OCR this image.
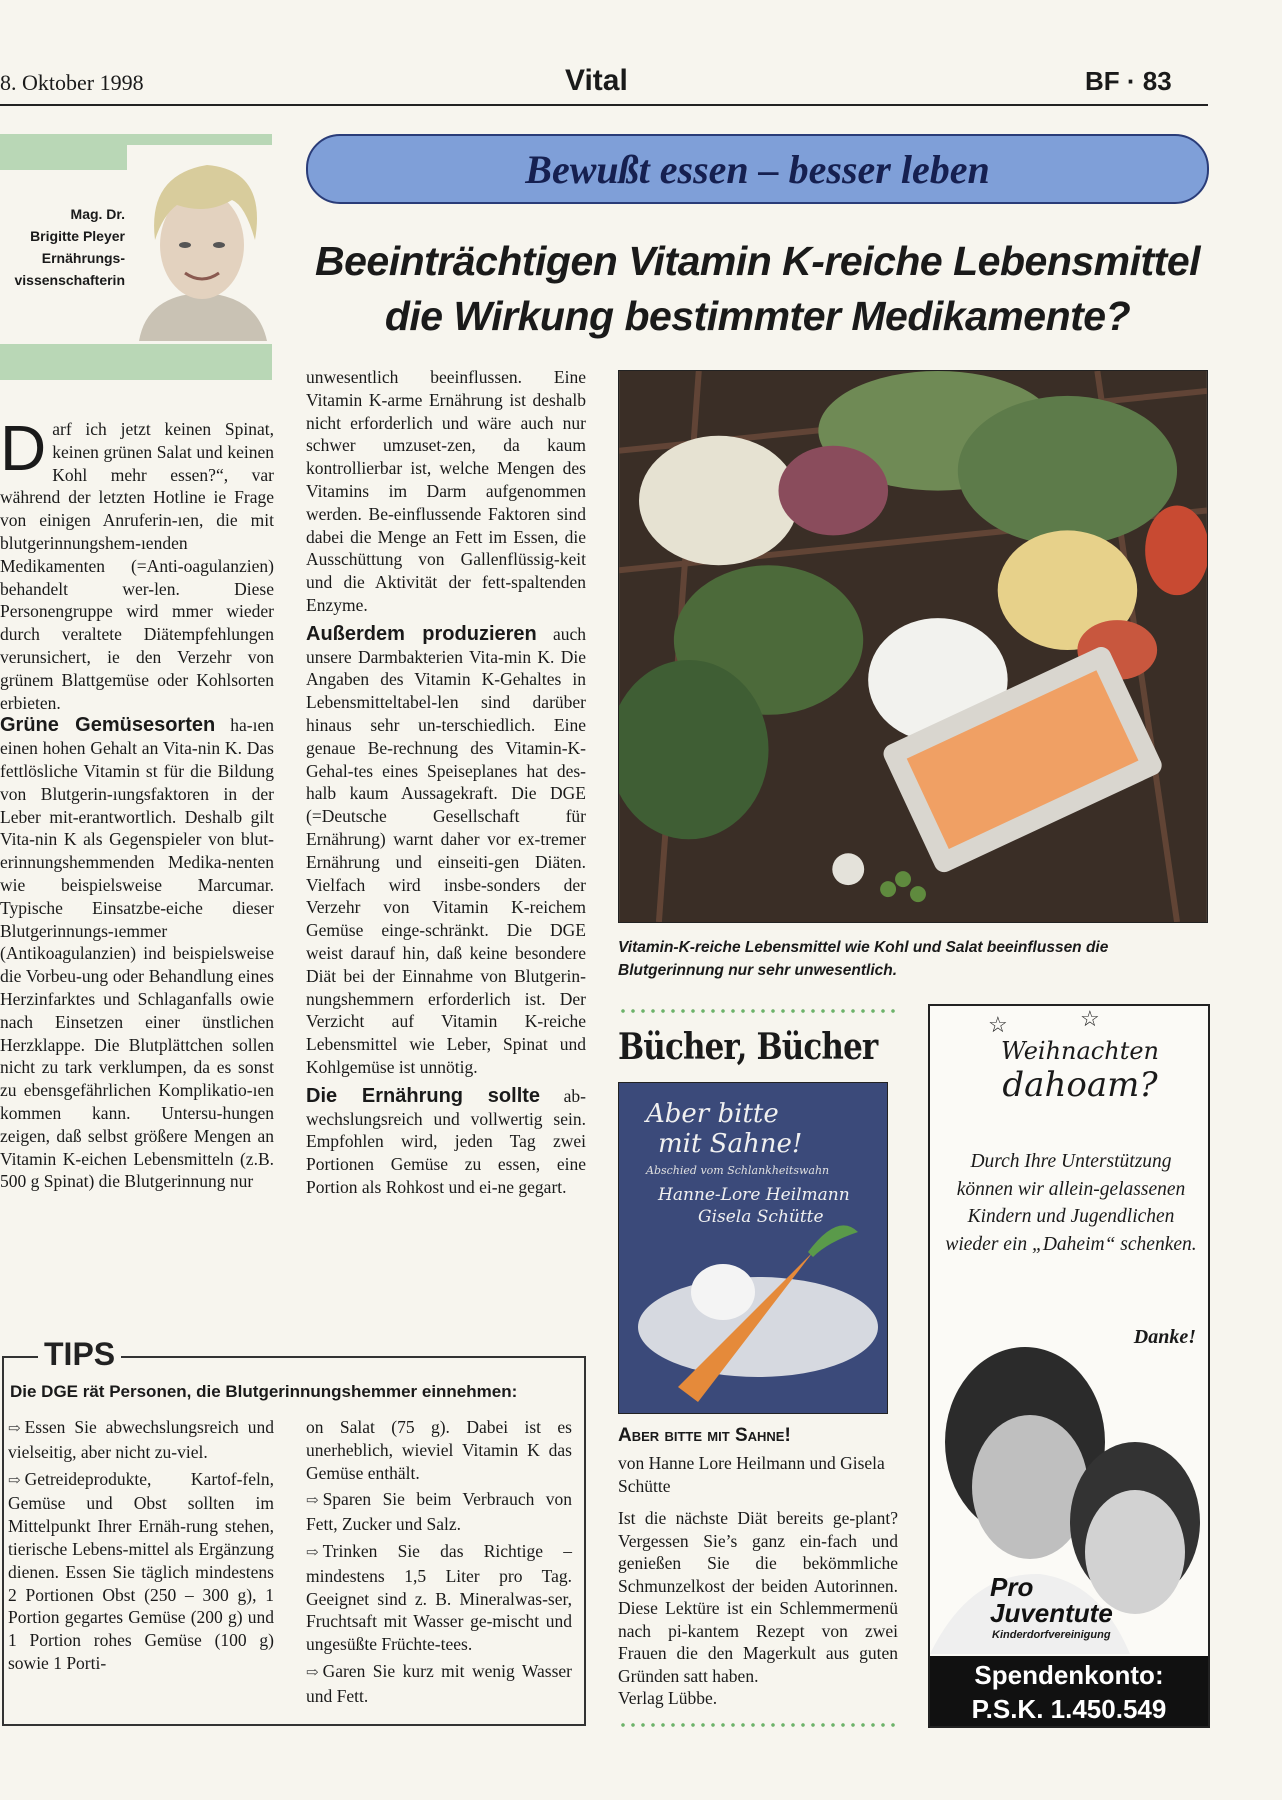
8. Oktober 1998	Vital	BF · 83
Mag. Dr.
Brigitte Pleyer
Ernährungs-
vissenschafterin
Bewußt essen – besser leben
Beeinträchtigen Vitamin K-reiche Lebensmittel
die Wirkung bestimmter Medikamente?

Darf ich jetzt keinen Spinat, keinen grünen Salat und keinen Kohl mehr essen?“, var während der letzten Hotline ie Frage von einigen Anruferin-ıen, die mit blutgerinnungshem-ıenden Medikamenten (=Anti-oagulanzien) behandelt wer-len. Diese Personengruppe wird mmer wieder durch veraltete Diätempfehlungen verunsichert, ie den Verzehr von grünem Blattgemüse oder Kohlsorten erbieten.

Grüne Gemüsesorten ha-ıen einen hohen Gehalt an Vita-nin K. Das fettlösliche Vitamin st für die Bildung von Blutgerin-ıungsfaktoren in der Leber mit-erantwortlich. Deshalb gilt Vita-nin K als Gegenspieler von blut-erinnungshemmenden Medika-nenten wie beispielsweise Marcumar. Typische Einsatzbe-eiche dieser Blutgerinnungs-ıemmer (Antikoagulanzien) ind beispielsweise die Vorbeu-ung oder Behandlung eines Herzinfarktes und Schlaganfalls owie nach Einsetzen einer ünstlichen Herzklappe. Die Blutplättchen sollen nicht zu tark verklumpen, da es sonst zu ebensgefährlichen Komplikatio-ıen kommen kann. Untersu-hungen zeigen, daß selbst größere Mengen an Vitamin K-eichen Lebensmitteln (z.B. 500 g Spinat) die Blutgerinnung nur

unwesentlich beeinflussen. Eine Vitamin K-arme Ernährung ist deshalb nicht erforderlich und wäre auch nur schwer umzuset-zen, da kaum kontrollierbar ist, welche Mengen des Vitamins im Darm aufgenommen werden. Be-einflussende Faktoren sind dabei die Menge an Fett im Essen, die Ausschüttung von Gallenflüssig-keit und die Aktivität der fett-spaltenden Enzyme.

Außerdem produzieren auch unsere Darmbakterien Vita-min K. Die Angaben des Vitamin K-Gehaltes in Lebensmitteltabel-len sind darüber hinaus sehr un-terschiedlich. Eine genaue Be-rechnung des Vitamin-K-Gehal-tes eines Speiseplanes hat des-halb kaum Aussagekraft. Die DGE (=Deutsche Gesellschaft für Ernährung) warnt daher vor ex-tremer Ernährung und einseiti-gen Diäten. Vielfach wird insbe-sonders der Verzehr von Vitamin K-reichem Gemüse einge-schränkt. Die DGE weist darauf hin, daß keine besondere Diät bei der Einnahme von Blutgerin-nungshemmern erforderlich ist. Der Verzicht auf Vitamin K-reiche Lebensmittel wie Leber, Spinat und Kohlgemüse ist unnötig.

Die Ernährung sollte ab-wechslungsreich und vollwertig sein. Empfohlen wird, jeden Tag zwei Portionen Gemüse zu essen, eine Portion als Rohkost und ei-ne gegart.

Vitamin-K-reiche Lebensmittel wie Kohl und Salat beeinflussen die Blutgerinnung nur sehr unwesentlich.
TIPS
Die DGE rät Personen, die Blutgerinnungshemmer einnehmen:

⇨ Essen Sie abwechslungsreich und vielseitig, aber nicht zu-viel.

⇨ Getreideprodukte, Kartof-feln, Gemüse und Obst sollten im Mittelpunkt Ihrer Ernäh-rung stehen, tierische Lebens-mittel als Ergänzung dienen. Essen Sie täglich mindestens 2 Portionen Obst (250 – 300 g), 1 Portion gegartes Gemüse (200 g) und 1 Portion rohes Gemüse (100 g) sowie 1 Porti-

on Salat (75 g). Dabei ist es unerheblich, wieviel Vitamin K das Gemüse enthält.

⇨ Sparen Sie beim Verbrauch von Fett, Zucker und Salz.

⇨ Trinken Sie das Richtige – mindestens 1,5 Liter pro Tag. Geeignet sind z. B. Mineralwas-ser, Fruchtsaft mit Wasser ge-mischt und ungesüßte Früchte-tees.

⇨ Garen Sie kurz mit wenig Wasser und Fett.

Bücher, Bücher
Aber bitte
mit Sahne!
Abschied vom Schlankheitswahn
Hanne-Lore Heilmann
Gisela Schütte
Aber bitte mit Sahne!

von Hanne Lore Heilmann und Gisela Schütte

Ist die nächste Diät bereits ge-plant? Vergessen Sie’s ganz ein-fach und genießen Sie die bekömmliche Schmunzelkost der beiden Autorinnen. Diese Lektüre ist ein Schlemmermenü nach pi-kantem Rezept von zwei Frauen die den Magerkult aus guten Gründen satt haben.

Verlag Lübbe.

☆	☆
Weihnachten
dahoam?
Durch Ihre Unterstützung können wir allein-gelassenen Kindern und Jugendlichen wieder ein „Daheim“ schenken.
Pro
Juventute
Kinderdorfvereinigung
Danke!
Spendenkonto:
P.S.K. 1.450.549
